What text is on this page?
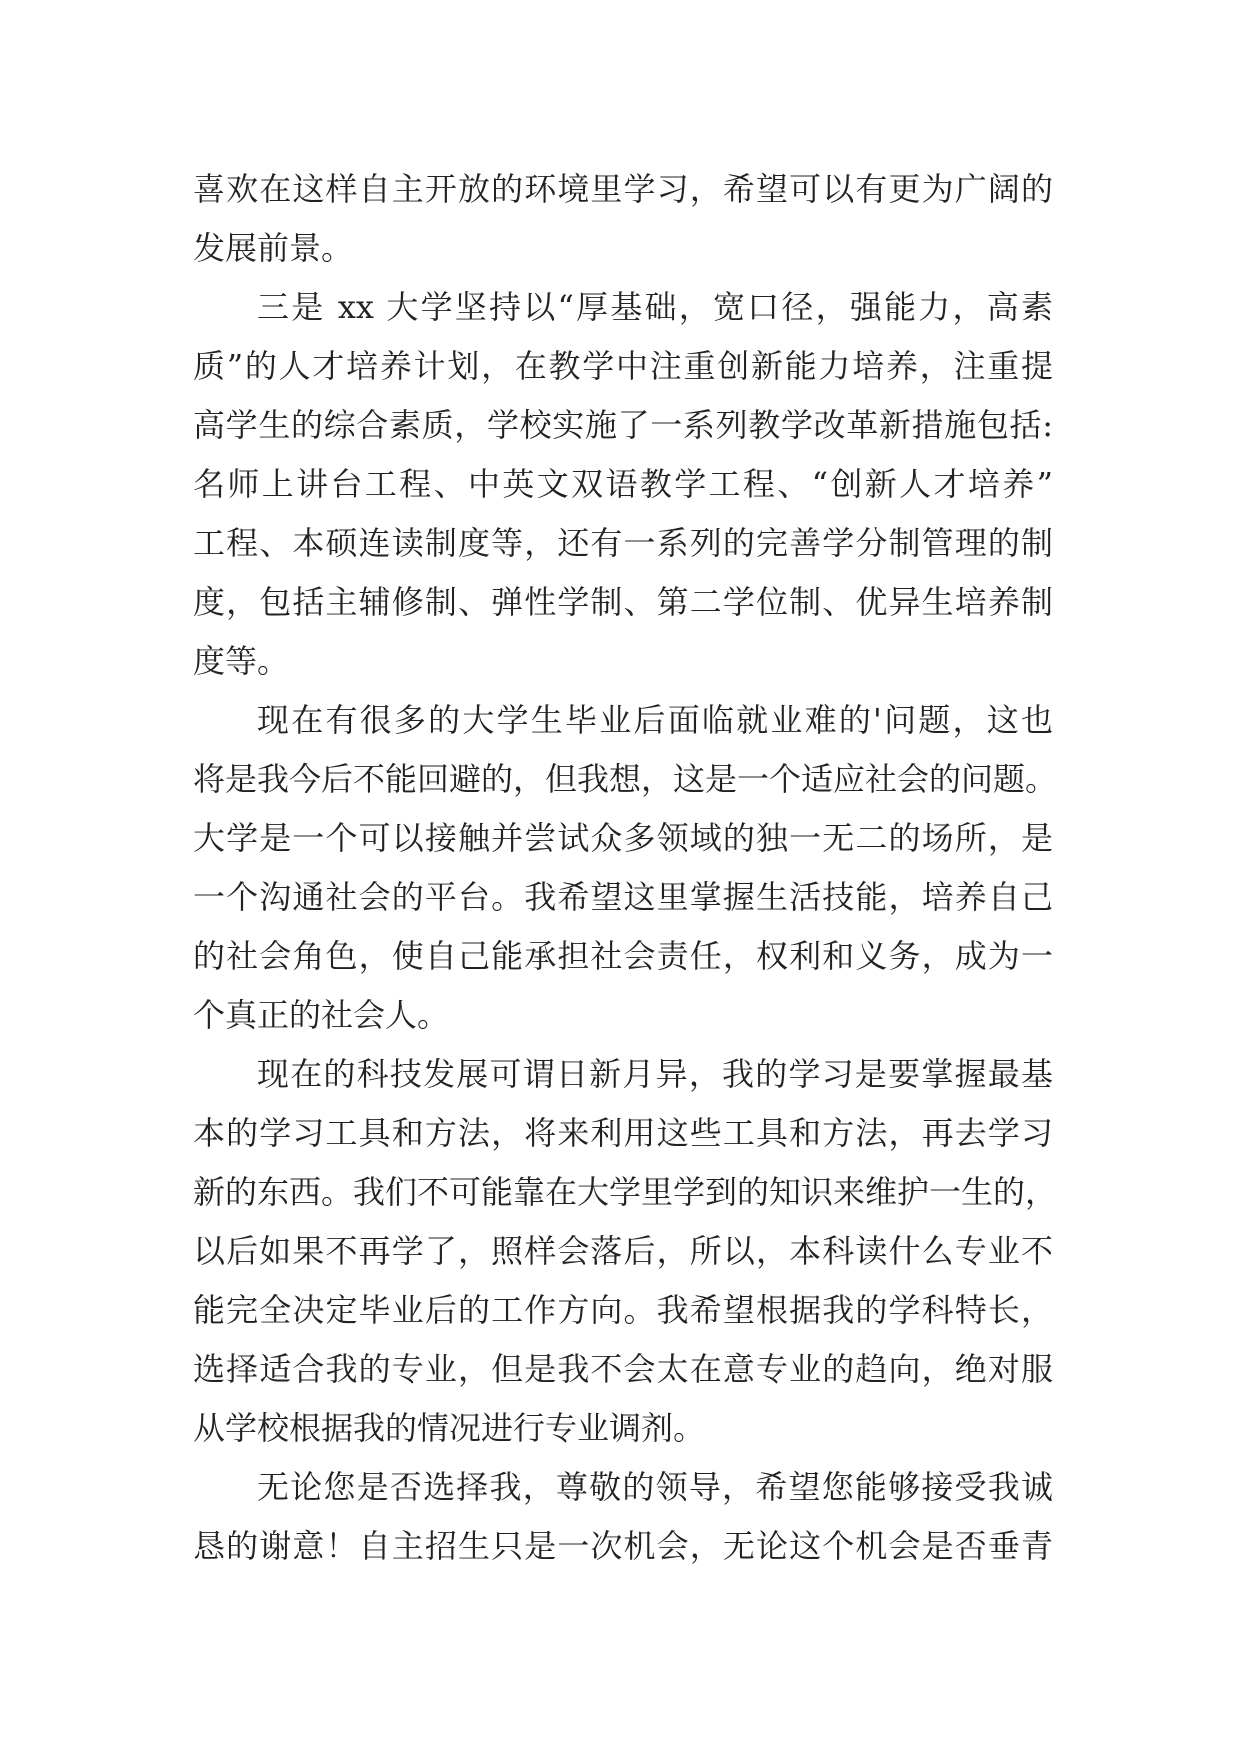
喜欢在这样自主开放的环境里学习，希望可以有更为广阔的
发展前景。
三是 xx 大学坚持以“厚基础，宽口径，强能力，高素
质”的人才培养计划，在教学中注重创新能力培养，注重提
高学生的综合素质，学校实施了一系列教学改革新措施包括:
名师上讲台工程、中英文双语教学工程、“创新人才培养”
工程、本硕连读制度等，还有一系列的完善学分制管理的制
度，包括主辅修制、弹性学制、第二学位制、优异生培养制
度等。
现在有很多的大学生毕业后面临就业难的'问题，这也
将是我今后不能回避的，但我想，这是一个适应社会的问题。
大学是一个可以接触并尝试众多领域的独一无二的场所，是
一个沟通社会的平台。我希望这里掌握生活技能，培养自己
的社会角色，使自己能承担社会责任，权利和义务，成为一
个真正的社会人。
现在的科技发展可谓日新月异，我的学习是要掌握最基
本的学习工具和方法，将来利用这些工具和方法，再去学习
新的东西。我们不可能靠在大学里学到的知识来维护一生的，
以后如果不再学了，照样会落后，所以，本科读什么专业不
能完全决定毕业后的工作方向。我希望根据我的学科特长，
选择适合我的专业，但是我不会太在意专业的趋向，绝对服
从学校根据我的情况进行专业调剂。
无论您是否选择我，尊敬的领导，希望您能够接受我诚
恳的谢意！自主招生只是一次机会，无论这个机会是否垂青
